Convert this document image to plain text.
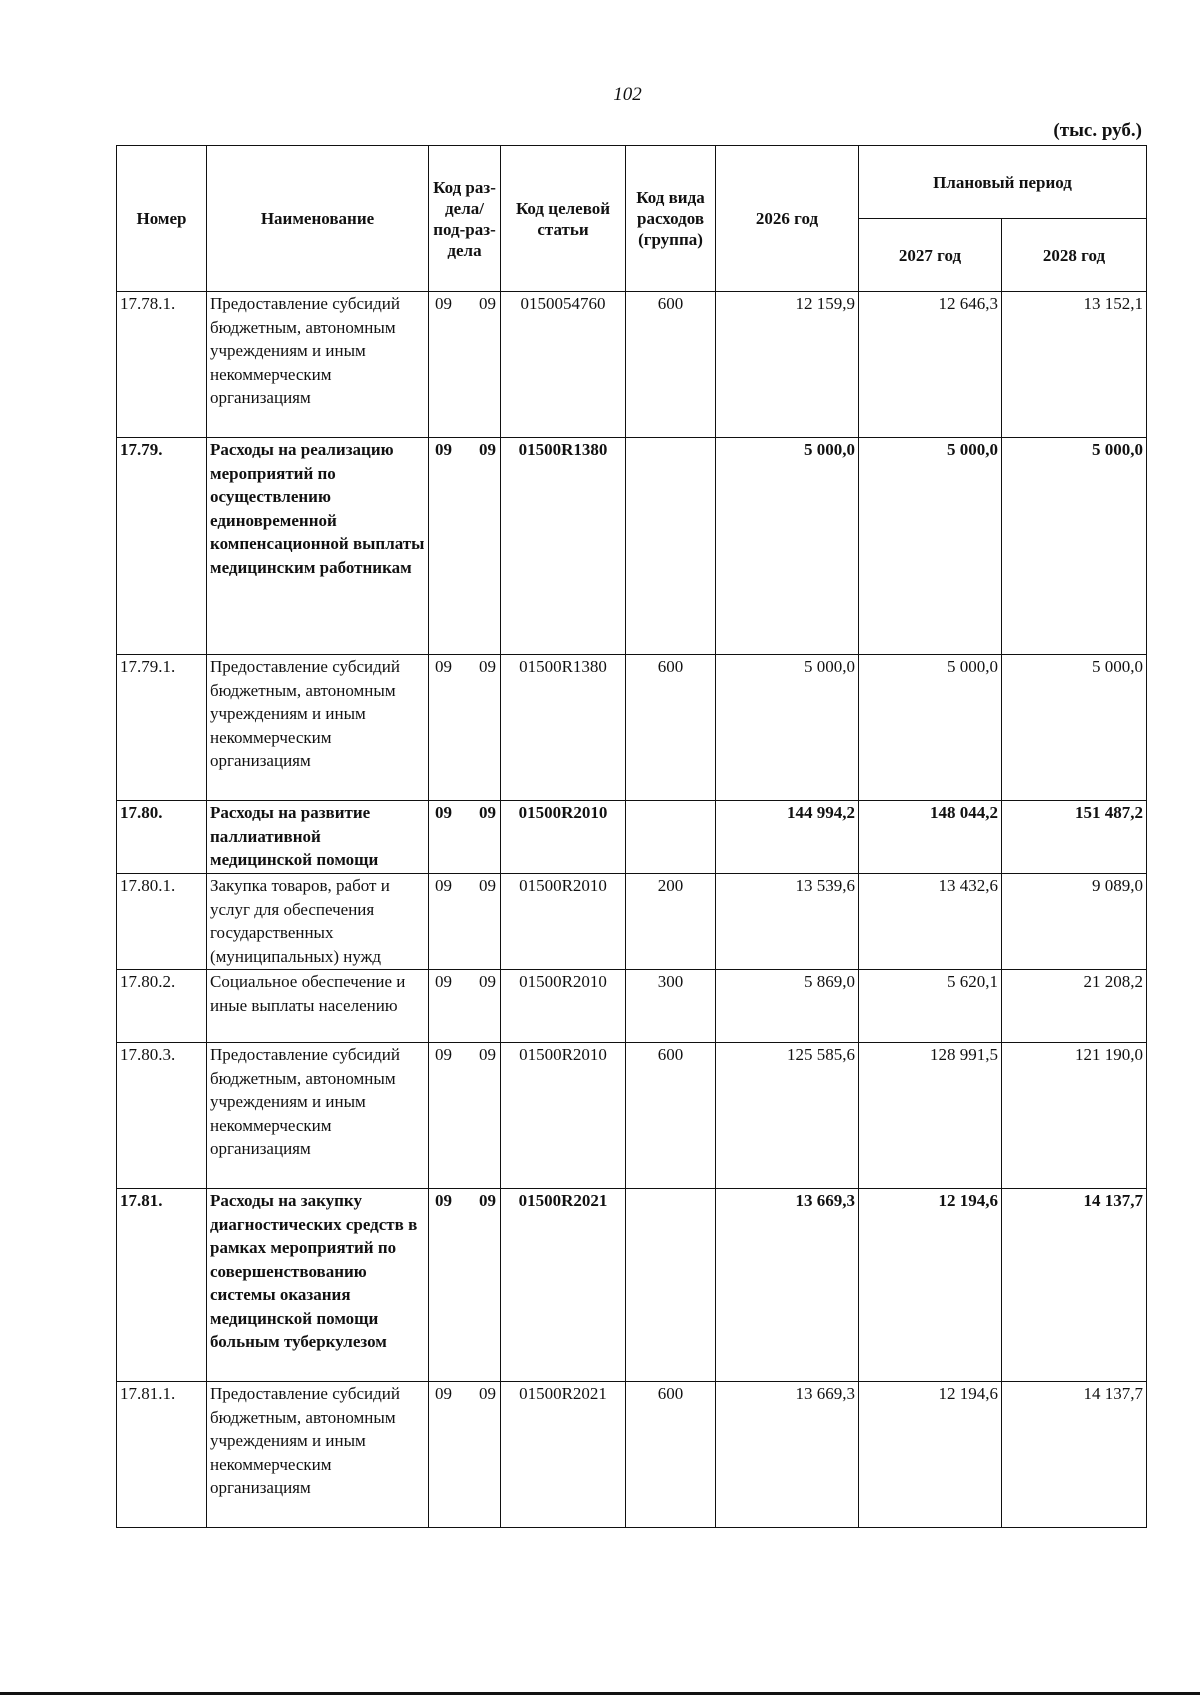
102
(тыс. руб.)
Номер	Наименование	Код раз-дела/ под-раз-дела	Код целевой статьи	Код вида расходов (группа)	2026 год	Плановый период	
						2027 год	2028 год
17.78.1.	Предоставление субсидий бюджетным, автономным учреждениям и иным некоммерческим организациям	09 09	0150054760	600	12 159,9	12 646,3	13 152,1
17.79.	Расходы на реализацию мероприятий по осуществлению единовременной компенсационной выплаты медицинским работникам	09 09	01500R1380		5 000,0	5 000,0	5 000,0
17.79.1.	Предоставление субсидий бюджетным, автономным учреждениям и иным некоммерческим организациям	09 09	01500R1380	600	5 000,0	5 000,0	5 000,0
17.80.	Расходы на развитие паллиативной медицинской помощи	09 09	01500R2010		144 994,2	148 044,2	151 487,2
17.80.1.	Закупка товаров, работ и услуг для обеспечения государственных (муниципальных) нужд	09 09	01500R2010	200	13 539,6	13 432,6	9 089,0
17.80.2.	Социальное обеспечение и иные выплаты населению	09 09	01500R2010	300	5 869,0	5 620,1	21 208,2
17.80.3.	Предоставление субсидий бюджетным, автономным учреждениям и иным некоммерческим организациям	09 09	01500R2010	600	125 585,6	128 991,5	121 190,0
17.81.	Расходы на закупку диагностических средств в рамках мероприятий по совершенствованию системы оказания медицинской помощи больным туберкулезом	09 09	01500R2021		13 669,3	12 194,6	14 137,7
17.81.1.	Предоставление субсидий бюджетным, автономным учреждениям и иным некоммерческим организациям	09 09	01500R2021	600	13 669,3	12 194,6	14 137,7
